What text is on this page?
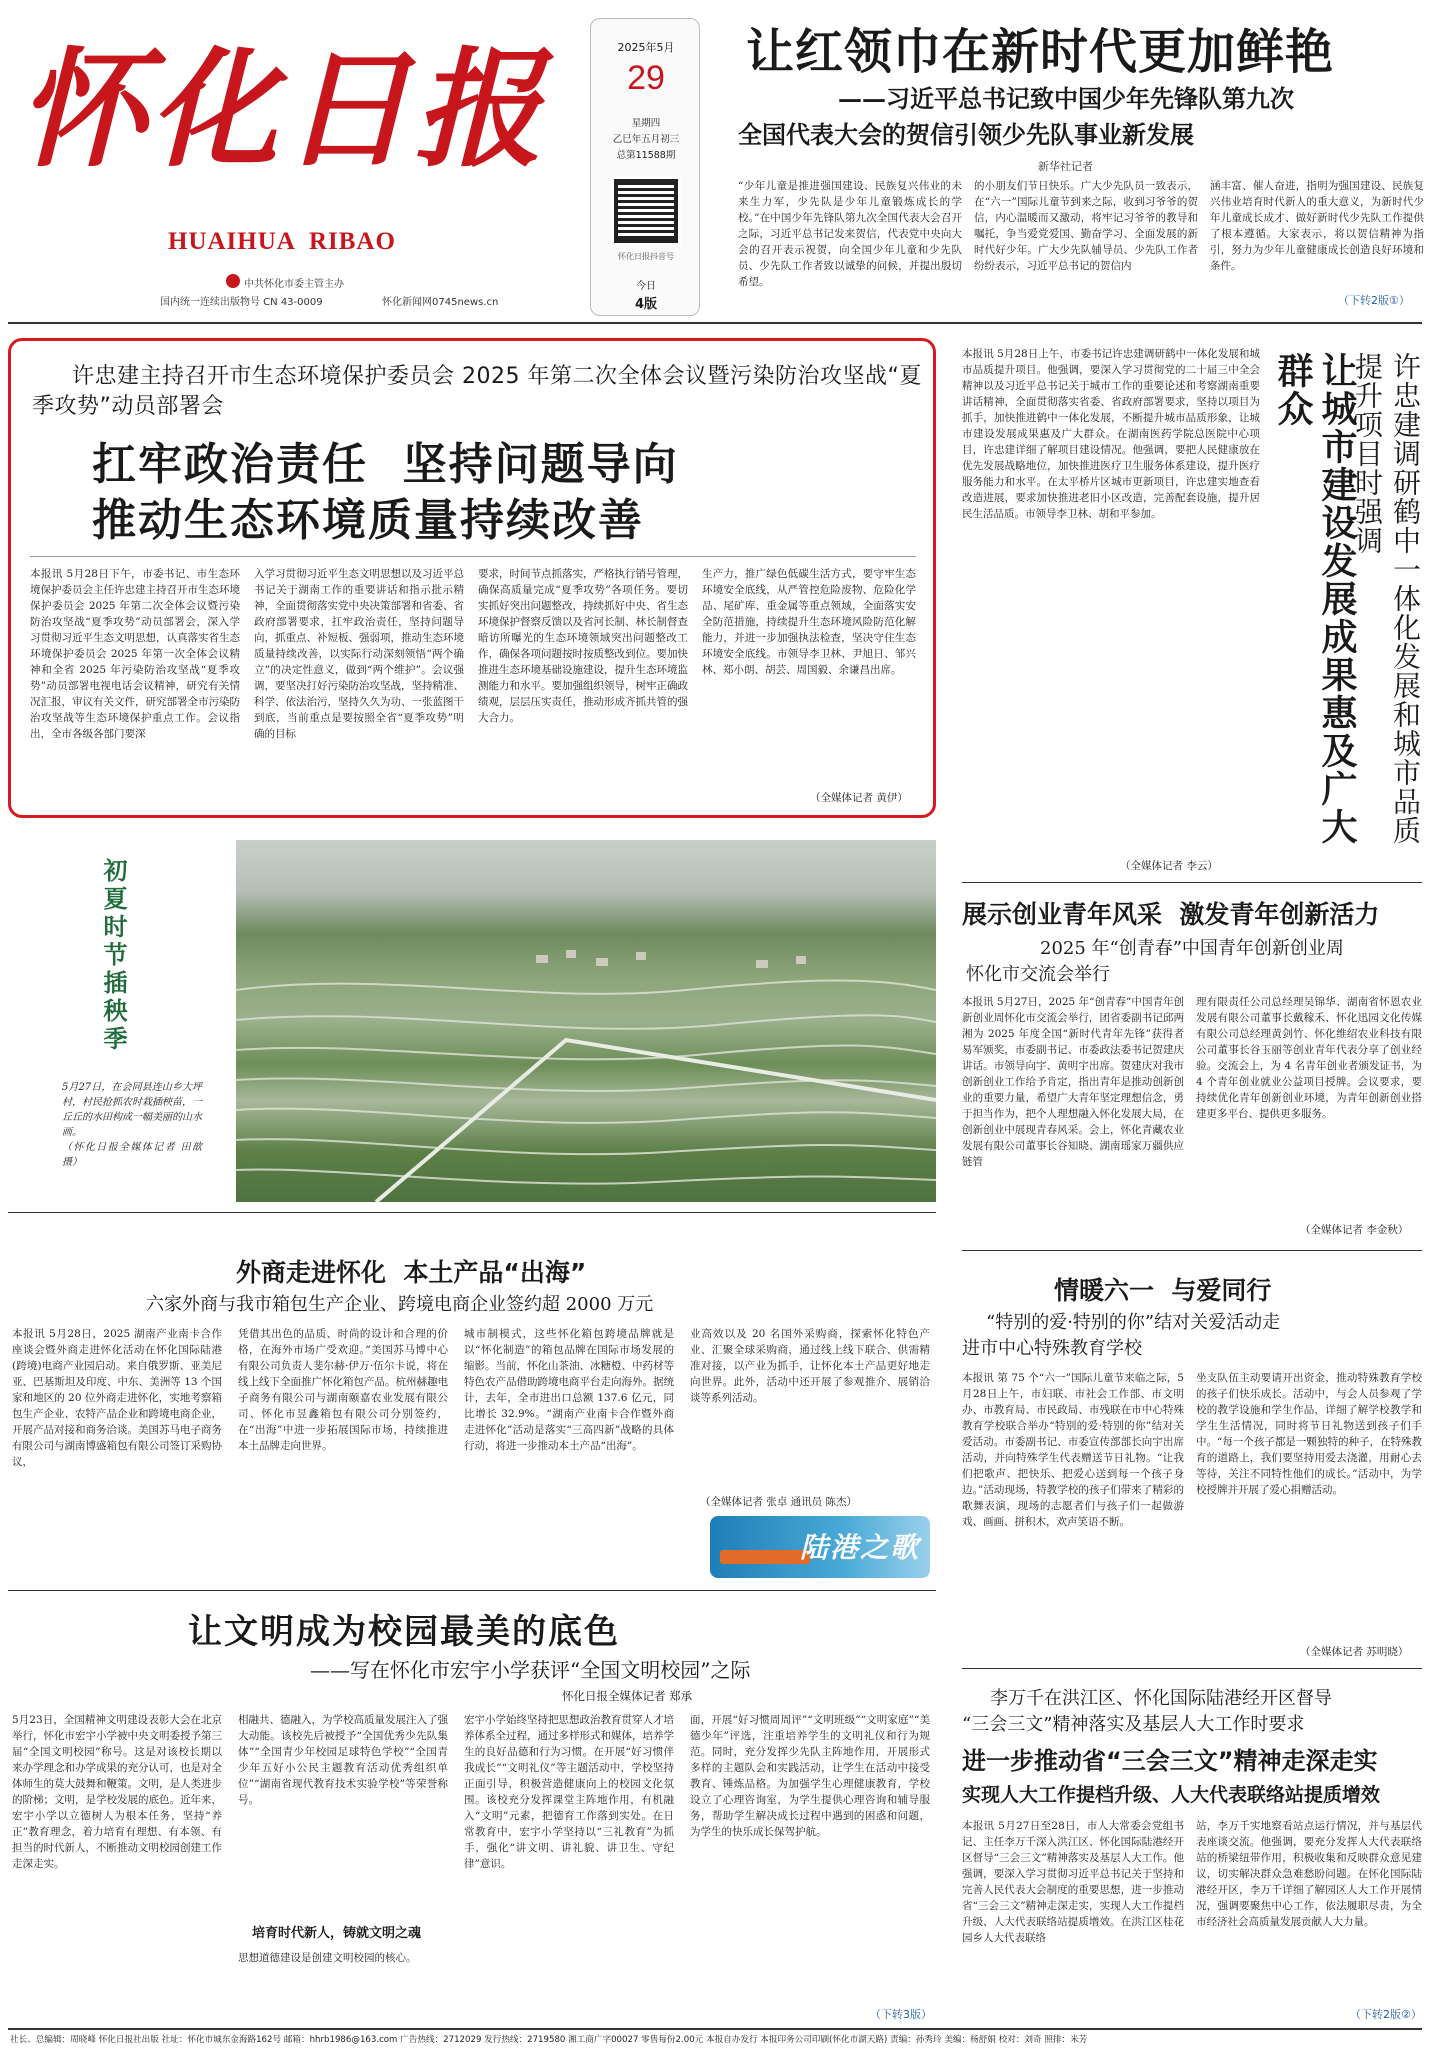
怀化日报
HUAIHUA  RIBAO
中共怀化市委主管主办
国内统一连续出版物号 CN 43-0009	怀化新闻网0745news.cn
2025年5月
29
星期四
乙巳年五月初三
总第11588期
怀化日报抖音号
今日
4版
让红领巾在新时代更加鲜艳
——习近平总书记致中国少年先锋队第九次
全国代表大会的贺信引领少先队事业新发展
新华社记者
“少年儿童是推进强国建设、民族复兴伟业的未来生力军，少先队是少年儿童锻炼成长的学校。”在中国少年先锋队第九次全国代表大会召开之际，习近平总书记发来贺信，代表党中央向大会的召开表示祝贺，向全国少年儿童和少先队员、少先队工作者致以诚挚的问候，并提出殷切希望。
的小朋友们节日快乐。广大少先队员一致表示，在“六一”国际儿童节到来之际，收到习爷爷的贺信，内心温暖而又激动，将牢记习爷爷的教导和嘱托，争当爱党爱国、勤奋学习、全面发展的新时代好少年。广大少先队辅导员、少先队工作者纷纷表示，习近平总书记的贺信内
涵丰富、催人奋进，指明为强国建设、民族复兴伟业培育时代新人的重大意义，为新时代少年儿童成长成才、做好新时代少先队工作提供了根本遵循。大家表示，将以贺信精神为指引，努力为少年儿童健康成长创造良好环境和条件。
（下转2版①）
许忠建主持召开市生态环境保护委员会 2025 年第二次全体会议暨污染防治攻坚战“夏季攻势”动员部署会
扛牢政治责任  坚持问题导向
推动生态环境质量持续改善
本报讯 5月28日下午，市委书记、市生态环境保护委员会主任许忠建主持召开市生态环境保护委员会 2025 年第二次全体会议暨污染防治攻坚战“夏季攻势”动员部署会，深入学习贯彻习近平生态文明思想，认真落实省生态环境保护委员会 2025 年第一次全体会议精神和全省 2025 年污染防治攻坚战“夏季攻势”动员部署电视电话会议精神，研究有关情况汇报，审议有关文件，研究部署全市污染防治攻坚战等生态环境保护重点工作。会议指出，全市各级各部门要深
入学习贯彻习近平生态文明思想以及习近平总书记关于湖南工作的重要讲话和指示批示精神，全面贯彻落实党中央决策部署和省委、省政府部署要求，扛牢政治责任，坚持问题导向，抓重点、补短板、强弱项，推动生态环境质量持续改善，以实际行动深刻领悟“两个确立”的决定性意义，做到“两个维护”。会议强调，要坚决打好污染防治攻坚战，坚持精准、科学、依法治污，坚持久久为功、一张蓝图干到底，当前重点是要按照全省“夏季攻势”明确的目标
要求，时间节点抓落实，严格执行销号管理，确保高质量完成“夏季攻势”各项任务。要切实抓好突出问题整改，持续抓好中央、省生态环境保护督察反馈以及省河长制、林长制督查暗访所曝光的生态环境领域突出问题整改工作，确保各项问题按时按质整改到位。要加快推进生态环境基础设施建设，提升生态环境监测能力和水平。要加强组织领导，树牢正确政绩观，层层压实责任，推动形成齐抓共管的强大合力。
生产力，推广绿色低碳生活方式，要守牢生态环境安全底线，从严管控危险废物、危险化学品、尾矿库、重金属等重点领域，全面落实安全防范措施，持续提升生态环境风险防范化解能力，并进一步加强执法检查，坚决守住生态环境安全底线。市领导李卫林、尹旭日、邹兴林、郑小朗、胡芸、周国毅、余谦昌出席。
（全媒体记者 黄伊）
本报讯 5月28日上午，市委书记许忠建调研鹤中一体化发展和城市品质提升项目。他强调，要深入学习贯彻党的二十届三中全会精神以及习近平总书记关于城市工作的重要论述和考察湖南重要讲话精神，全面贯彻落实省委、省政府部署要求，坚持以项目为抓手，加快推进鹤中一体化发展，不断提升城市品质形象，让城市建设发展成果惠及广大群众。在湖南医药学院总医院中心项目，许忠建详细了解项目建设情况。他强调，要把人民健康放在优先发展战略地位，加快推进医疗卫生服务体系建设，提升医疗服务能力和水平。在太平桥片区城市更新项目，许忠建实地查看改造进展，要求加快推进老旧小区改造，完善配套设施，提升居民生活品质。市领导李卫林、胡和平参加。
（全媒体记者 李云）
让城市建设发展成果惠及广大群众	许忠建调研鹤中一体化发展和城市品质提升项目时强调
初夏时节插秧季
5月27日，在会同县连山乡大坪村，村民抢抓农时栽插秧苗，一丘丘的水田构成一幅美丽的山水画。
（怀化日报全媒体记者 田歆 摄）
展示创业青年风采  激发青年创新活力
2025 年“创青春”中国青年创新创业周
怀化市交流会举行
本报讯 5月27日，2025 年“创青春”中国青年创新创业周怀化市交流会举行，团省委副书记邱两湘为 2025 年度全国“新时代青年先锋”获得者易军颁奖，市委副书记、市委政法委书记贺建庆讲话。市领导向宇、黄明宇出席。贺建庆对我市创新创业工作给予肯定，指出青年是推动创新创业的重要力量，希望广大青年坚定理想信念，勇于担当作为，把个人理想融入怀化发展大局，在创新创业中展现青春风采。会上，怀化青藏农业发展有限公司董事长谷知晓、湖南瑶家万疆供应链管
理有限责任公司总经理吴锦华、湖南省怀恩农业发展有限公司董事长戴稼禾、怀化迅园文化传媒有限公司总经理黄剑竹、怀化维绍农业科技有限公司董事长谷玉丽等创业青年代表分享了创业经验。交流会上，为 4 名青年创业者颁发证书，为 4 个青年创业就业公益项目授牌。会议要求，要持续优化青年创新创业环境，为青年创新创业搭建更多平台、提供更多服务。
（全媒体记者 李金秋）
外商走进怀化  本土产品“出海”
六家外商与我市箱包生产企业、跨境电商企业签约超 2000 万元
本报讯 5月28日，2025 湖南产业南卡合作座谈会暨外商走进怀化活动在怀化国际陆港(跨境)电商产业园启动。来自俄罗斯、亚美尼亚、巴基斯坦及印度、中东、美洲等 13 个国家和地区的 20 位外商走进怀化，实地考察箱包生产企业、农特产品企业和跨境电商企业，开展产品对接和商务洽谈。美国苏马电子商务有限公司与湖南博盛箱包有限公司签订采购协议，
凭借其出色的品质、时尚的设计和合理的价格，在海外市场广受欢迎。”美国苏马博中心有限公司负责人斐尔赫·伊万·伍尔卡说，将在线上线下全面推广怀化箱包产品。杭州赫趣电子商务有限公司与湖南颐嘉农业发展有限公司、怀化市昱鑫箱包有限公司分别签约，在“出海”中进一步拓展国际市场，持续推进本土品牌走向世界。
城市制模式，这些怀化箱包跨境品牌就是以“怀化制造”的箱包品牌在国际市场发展的缩影。当前，怀化山茶油、冰糖橙、中药材等特色农产品借助跨境电商平台走向海外。据统计，去年，全市进出口总额 137.6 亿元，同比增长 32.9%。“湖南产业南卡合作暨外商走进怀化”活动是落实“三高四新”战略的具体行动，将进一步推动本土产品“出海”。
业高效以及 20 名国外采购商，探索怀化特色产业、汇聚全球采购商，通过线上线下联合、供需精准对接，以产业为抓手，让怀化本土产品更好地走向世界。此外，活动中还开展了参观推介、展销洽谈等系列活动。
（全媒体记者 张卓 通讯员 陈杰）
陆港之歌
情暖六一  与爱同行
“特别的爱·特别的你”结对关爱活动走
进市中心特殊教育学校
本报讯 第 75 个“六一”国际儿童节来临之际，5月28日上午，市妇联、市社会工作部、市文明办、市教育局、市民政局、市残联在市中心特殊教育学校联合举办“特别的爱·特别的你”结对关爱活动。市委副书记、市委宣传部部长向宇出席活动，并向特殊学生代表赠送节日礼物。“让我们把歌声、把快乐、把爱心送到每一个孩子身边。”活动现场，特教学校的孩子们带来了精彩的歌舞表演，现场的志愿者们与孩子们一起做游戏、画画、拼积木，欢声笑语不断。
坐支队伍主动要请开出资金，推动特殊教育学校的孩子们快乐成长。活动中，与会人员参观了学校的教学设施和学生作品，详细了解学校教学和学生生活情况，同时将节日礼物送到孩子们手中。“每一个孩子都是一颗独特的种子，在特殊教育的道路上，我们要坚持用爱去浇灌，用耐心去等待，关注不同特性他们的成长。”活动中，为学校授牌并开展了爱心捐赠活动。
（全媒体记者 苏明晓）
让文明成为校园最美的底色
——写在怀化市宏宇小学获评“全国文明校园”之际
怀化日报全媒体记者 郑承
5月23日，全国精神文明建设表彰大会在北京举行，怀化市宏宇小学被中央文明委授予第三届“全国文明校园”称号。这是对该校长期以来办学理念和办学成果的充分认可，也是对全体师生的莫大鼓舞和鞭策。文明，是人类进步的阶梯；文明，是学校发展的底色。近年来，宏宇小学以立德树人为根本任务，坚持“养正”教育理念，着力培育有理想、有本领、有担当的时代新人，不断推动文明校园创建工作走深走实。
相融共、德融入，为学校高质量发展注入了强大动能。该校先后被授予“全国优秀少先队集体”“全国青少年校园足球特色学校”“全国青少年五好小公民主题教育活动优秀组织单位”“湖南省现代教育技术实验学校”等荣誉称号。
培育时代新人，铸就文明之魂
思想道德建设是创建文明校园的核心。
宏宇小学始终坚持把思想政治教育贯穿人才培养体系全过程，通过多样形式和媒体，培养学生的良好品德和行为习惯。在开展“好习惯伴我成长”“文明礼仪”等主题活动中，学校坚持正面引导，积极营造健康向上的校园文化氛围。该校充分发挥课堂主阵地作用，有机融入“文明”元素，把德育工作落到实处。在日常教育中，宏宇小学坚持以“三礼教育”为抓手，强化“讲文明、讲礼貌、讲卫生、守纪律”意识。
面，开展“好习惯周周评”“文明班级”“文明家庭”“美德少年”评选，注重培养学生的文明礼仪和行为规范。同时，充分发挥少先队主阵地作用，开展形式多样的主题队会和实践活动，让学生在活动中接受教育、锤炼品格。为加强学生心理健康教育，学校设立了心理咨询室，为学生提供心理咨询和辅导服务，帮助学生解决成长过程中遇到的困惑和问题，为学生的快乐成长保驾护航。
（下转3版）
李万千在洪江区、怀化国际陆港经开区督导
“三会三文”精神落实及基层人大工作时要求
进一步推动省“三会三文”精神走深走实
实现人大工作提档升级、人大代表联络站提质增效
本报讯 5月27日至28日，市人大常委会党组书记、主任李万千深入洪江区、怀化国际陆港经开区督导“三会三文”精神落实及基层人大工作。他强调，要深入学习贯彻习近平总书记关于坚持和完善人民代表大会制度的重要思想，进一步推动省“三会三文”精神走深走实，实现人大工作提档升级、人大代表联络站提质增效。在洪江区桂花园乡人大代表联络
站，李万千实地察看站点运行情况，并与基层代表座谈交流。他强调，要充分发挥人大代表联络站的桥梁纽带作用，积极收集和反映群众意见建议，切实解决群众急难愁盼问题。在怀化国际陆港经开区，李万千详细了解园区人大工作开展情况，强调要聚焦中心工作，依法履职尽责，为全市经济社会高质量发展贡献人大力量。
（下转2版②）
社长、总编辑：周晓峰 怀化日报社出版 社址：怀化市城东金海路162号 邮箱：hhrb1986@163.com 广告热线：2712029 发行热线：2719580 湘工商广字00027 零售每份2.00元 本报自办发行 本报印务公司印刷(怀化市湖天路) 责编：孙秀玲 美编：杨舒娟 校对：刘奇 照排：米芳
